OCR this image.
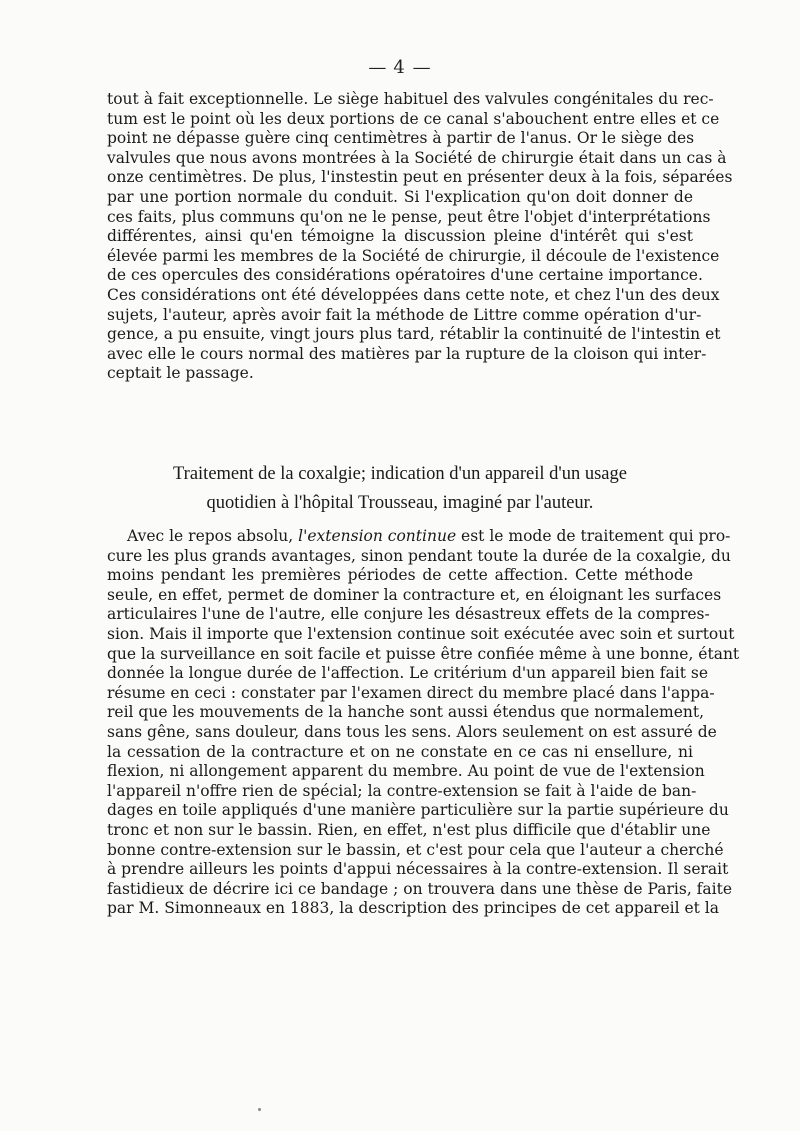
— 4 —
tout à fait exceptionnelle. Le siège habituel des valvules congénitales du rec-
tum est le point où les deux portions de ce canal s'abouchent entre elles et ce
point ne dépasse guère cinq centimètres à partir de l'anus. Or le siège des
valvules que nous avons montrées à la Société de chirurgie était dans un cas à
onze centimètres. De plus, l'instestin peut en présenter deux à la fois, séparées
par une portion normale du conduit. Si l'explication qu'on doit donner de
ces faits, plus communs qu'on ne le pense, peut être l'objet d'interprétations
différentes, ainsi qu'en témoigne la discussion pleine d'intérêt qui s'est
élevée parmi les membres de la Société de chirurgie, il découle de l'existence
de ces opercules des considérations opératoires d'une certaine importance.
Ces considérations ont été développées dans cette note, et chez l'un des deux
sujets, l'auteur, après avoir fait la méthode de Littre comme opération d'ur-
gence, a pu ensuite, vingt jours plus tard, rétablir la continuité de l'intestin et
avec elle le cours normal des matières par la rupture de la cloison qui inter-
ceptait le passage.
Traitement de la coxalgie; indication d'un appareil d'un usage
quotidien à l'hôpital Trousseau, imaginé par l'auteur.
Avec le repos absolu, l'extension continue est le mode de traitement qui pro-
cure les plus grands avantages, sinon pendant toute la durée de la coxalgie, du
moins pendant les premières périodes de cette affection. Cette méthode
seule, en effet, permet de dominer la contracture et, en éloignant les surfaces
articulaires l'une de l'autre, elle conjure les désastreux effets de la compres-
sion. Mais il importe que l'extension continue soit exécutée avec soin et surtout
que la surveillance en soit facile et puisse être confiée même à une bonne, étant
donnée la longue durée de l'affection. Le critérium d'un appareil bien fait se
résume en ceci : constater par l'examen direct du membre placé dans l'appa-
reil que les mouvements de la hanche sont aussi étendus que normalement,
sans gêne, sans douleur, dans tous les sens. Alors seulement on est assuré de
la cessation de la contracture et on ne constate en ce cas ni ensellure, ni
flexion, ni allongement apparent du membre. Au point de vue de l'extension
l'appareil n'offre rien de spécial; la contre-extension se fait à l'aide de ban-
dages en toile appliqués d'une manière particulière sur la partie supérieure du
tronc et non sur le bassin. Rien, en effet, n'est plus difficile que d'établir une
bonne contre-extension sur le bassin, et c'est pour cela que l'auteur a cherché
à prendre ailleurs les points d'appui nécessaires à la contre-extension. Il serait
fastidieux de décrire ici ce bandage ; on trouvera dans une thèse de Paris, faite
par M. Simonneaux en 1883, la description des principes de cet appareil et la
